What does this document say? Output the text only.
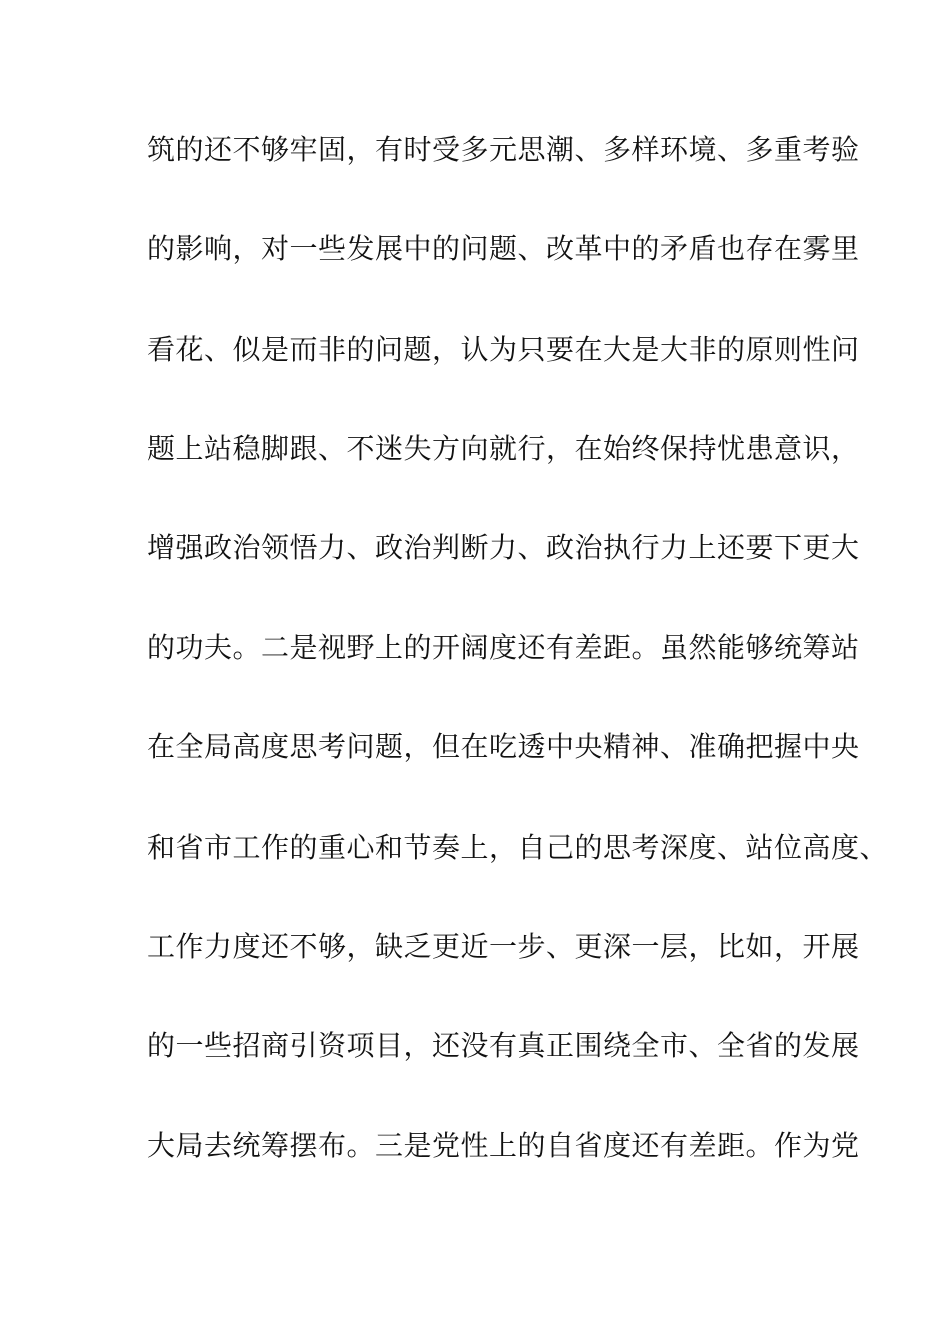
筑的还不够牢固，有时受多元思潮、多样环境、多重考验
的影响，对一些发展中的问题、改革中的矛盾也存在雾里
看花、似是而非的问题，认为只要在大是大非的原则性问
题上站稳脚跟、不迷失方向就行，在始终保持忧患意识，
增强政治领悟力、政治判断力、政治执行力上还要下更大
的功夫。二是视野上的开阔度还有差距。虽然能够统筹站
在全局高度思考问题，但在吃透中央精神、准确把握中央
和省市工作的重心和节奏上，自己的思考深度、站位高度、
工作力度还不够，缺乏更近一步、更深一层，比如，开展
的一些招商引资项目，还没有真正围绕全市、全省的发展
大局去统筹摆布。三是党性上的自省度还有差距。作为党
